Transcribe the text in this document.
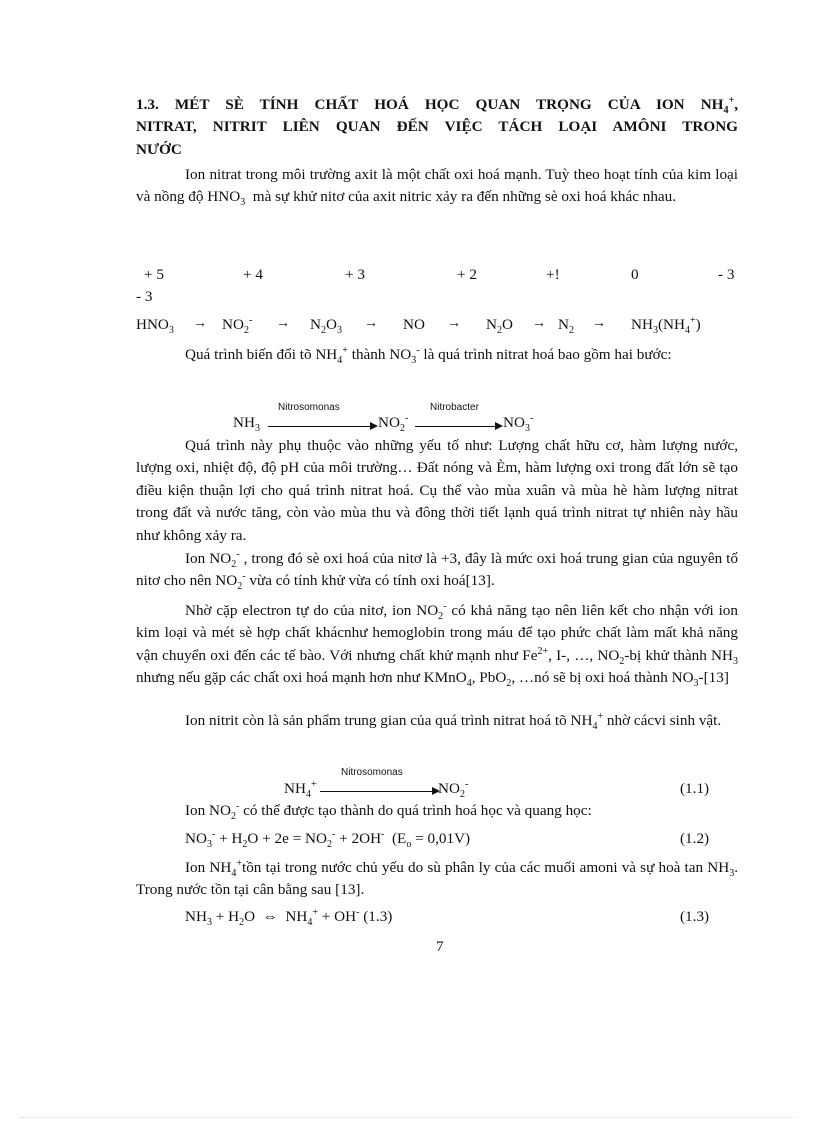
1.3. MÉT SÈ TÍNH CHẤT HOÁ HỌC QUAN TRỌNG CỦA ION $NH_4^+$,
NITRAT, NITRIT LIÊN QUAN ĐẾN VIỆC TÁCH LOẠI AMÔNI TRONG
NƯỚC

Ion nitrat trong môi trường axit là một chất oxi hoá mạnh. Tuỳ theo hoạt tính của kim loại và nồng độ $HNO_3$ mà sự khử nitơ của axit nitric xảy ra đến những sè oxi hoá khác nhau.

+ 5	+ 4	+ 3	+ 2	+!	0	- 3
- 3
$HNO_3 \to NO_2^- \to N_2O_3$ → NO → $N_2O \to N_2 \to NH_3(NH_4^+)$

Quá trình biến đổi tõ $NH_4^+$ thành $NO_3^-$ là quá trình nitrat hoá bao gồm hai bước:

Nitrosomonas	Nitrobacter
$NH_3$	$NO_2^-$	$NO_3^-$

Quá trình này phụ thuộc vào những yếu tố như: Lượng chất hữu cơ, hàm lượng nước, lượng oxi, nhiệt độ, độ pH của môi trường… Đất nóng và Èm, hàm lượng oxi trong đất lớn sẽ tạo điều kiện thuận lợi cho quá trình nitrat hoá. Cụ thể vào mùa xuân và mùa hè hàm lượng nitrat trong đất và nước tăng, còn vào mùa thu và đông thời tiết lạnh quá trình nitrat tự nhiên này hầu như không xảy ra.

Ion $NO_2^-$ , trong đó sè oxi hoá của nitơ là +3, đây là mức oxi hoá trung gian của nguyên tố nitơ cho nên $NO_2^-$ vừa có tính khử vừa có tính oxi hoá[13].

Nhờ cặp electron tự do của nitơ, ion $NO_2^-$ có khả năng tạo nên liên kết cho nhận với ion kim loại và mét sè hợp chất khácnhư hemoglobin trong máu để tạo phức chất làm mất khả năng vận chuyển oxi đến các tế bào. Với nhưng chất khử mạnh như $Fe^{2+}$, I-, …, $NO_2-bị$ khử thành $NH_3$ nhưng nếu gặp các chất oxi hoá mạnh hơn như KMnO$_4$, PbO$_2$, …nó sẽ bị oxi hoá thành $NO_3-[13]$

Ion nitrit còn là sản phẩm trung gian của quá trình nitrat hoá tõ $NH_4^+$ nhờ cácvi sinh vật.

Nitrosomonas
$NH_4^+$	$NO_2^-$	(1.1)

Ion $NO_2^-$ có thể được tạo thành do quá trình hoá học và quang học:

$NO_3^- + H_2O + 2e = NO_2^- + 2OH^-$  $(E_o = 0,01V)$	(1.2)

Ion $NH_4^+tồn$ tại trong nước chủ yếu do sù phân ly của các muối amoni và sự hoà $\tan NH_3$. Trong nước tồn tại cân bằng sau [13].

$NH_3 + H_2O$ ⇔ $NH_4^+ + OH^-$ (1.3)	(1.3)
7
